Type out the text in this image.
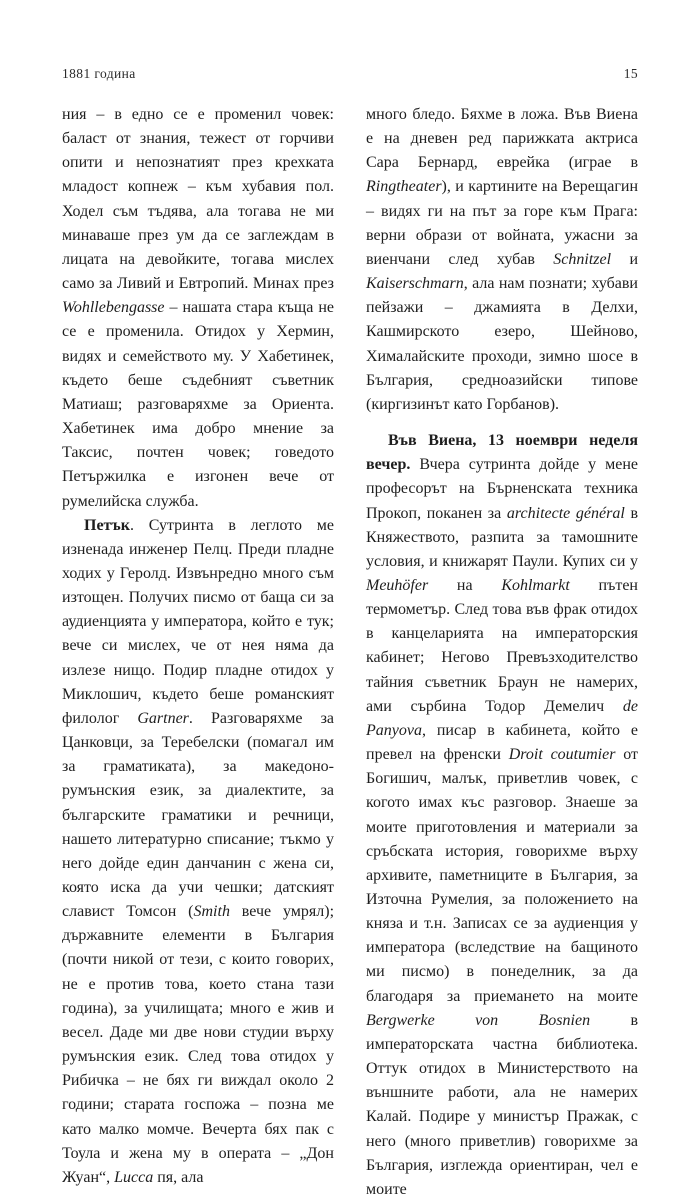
1881 година	15

ния – в едно се е променил човек: баласт от знания, тежест от горчиви опити и непознатият през крехката младост копнеж – към хубавия пол. Ходел съм тъдява, ала тогава не ми минаваше през ум да се заглеждам в лицата на девойките, тогава мислех само за Ливий и Евтропий. Минах през Wohllebengasse – нашата стара къща не се е променила. Отидох у Хермин, видях и семейството му. У Хабетинек, където беше съдебният съветник Матиаш; разговаряхме за Ориента. Хабетинек има добро мнение за Таксис, почтен човек; говедото Петържилка е изгонен вече от румелийска служба.

Петък. Сутринта в леглото ме изненада инженер Пелц. Преди пладне ходих у Геролд. Извънредно много съм изтощен. Получих писмо от баща си за аудиенцията у императора, който е тук; вече си мислех, че от нея няма да излезе нищо. Подир пладне отидох у Миклошич, където беше романският филолог Gartner. Разговаряхме за Цанковци, за Теребелски (помагал им за граматиката), за македоно-румънския език, за диалектите, за българските граматики и речници, нашето литературно списание; тъкмо у него дойде един данчанин с жена си, която иска да учи чешки; датският славист Томсон (Smith вече умрял); държавните елементи в България (почти никой от тези, с които говорих, не е против това, което стана тази година), за училищата; много е жив и весел. Даде ми две нови студии върху румънския език. След това отидох у Рибичка – не бях ги виждал около 2 години; старата госпожа – позна ме като малко момче. Вечерта бях пак с Тоула и жена му в операта – „Дон Жуан“, Lucca пя, ала

много бледо. Бяхме в ложа. Във Виена е на дневен ред парижката актриса Сара Бернард, еврейка (играе в Ringtheater), и картините на Верещагин – видях ги на път за горе към Прага: верни образи от войната, ужасни за виенчани след хубав Schnitzel и Kaiserschmarn, ала нам познати; хубави пейзажи – джамията в Делхи, Кашмирското езеро, Шейново, Хималайските проходи, зимно шосе в България, средноазийски типове (киргизинът като Горбанов).

Във Виена, 13 ноември неделя вечер. Вчера сутринта дойде у мене професорът на Бърненската техника Прокоп, поканен за architecte général в Княжеството, разпита за тамошните условия, и книжарят Паули. Купих си у Meuhöfer на Kohlmarkt пътен термометър. След това във фрак отидох в канцеларията на императорския кабинет; Негово Превъзходителство тайния съветник Браун не намерих, ами сърбина Тодор Демелич de Panyova, писар в кабинета, който е превел на френски Droit coutumier от Богишич, малък, приветлив човек, с когото имах къс разговор. Знаеше за моите приготовления и материали за сръбската история, говорихме върху архивите, паметниците в България, за Източна Румелия, за положението на княза и т.н. Записах се за аудиенция у императора (вследствие на бащиното ми писмо) в понеделник, за да благодаря за приемането на моите Bergwerke von Bosnien в императорската частна библиотека. Оттук отидох в Министерството на външните работи, ала не намерих Калай. Подире у министър Пражак, с него (много приветлив) говорихме за България, изглежда ориентиран, чел е моите
